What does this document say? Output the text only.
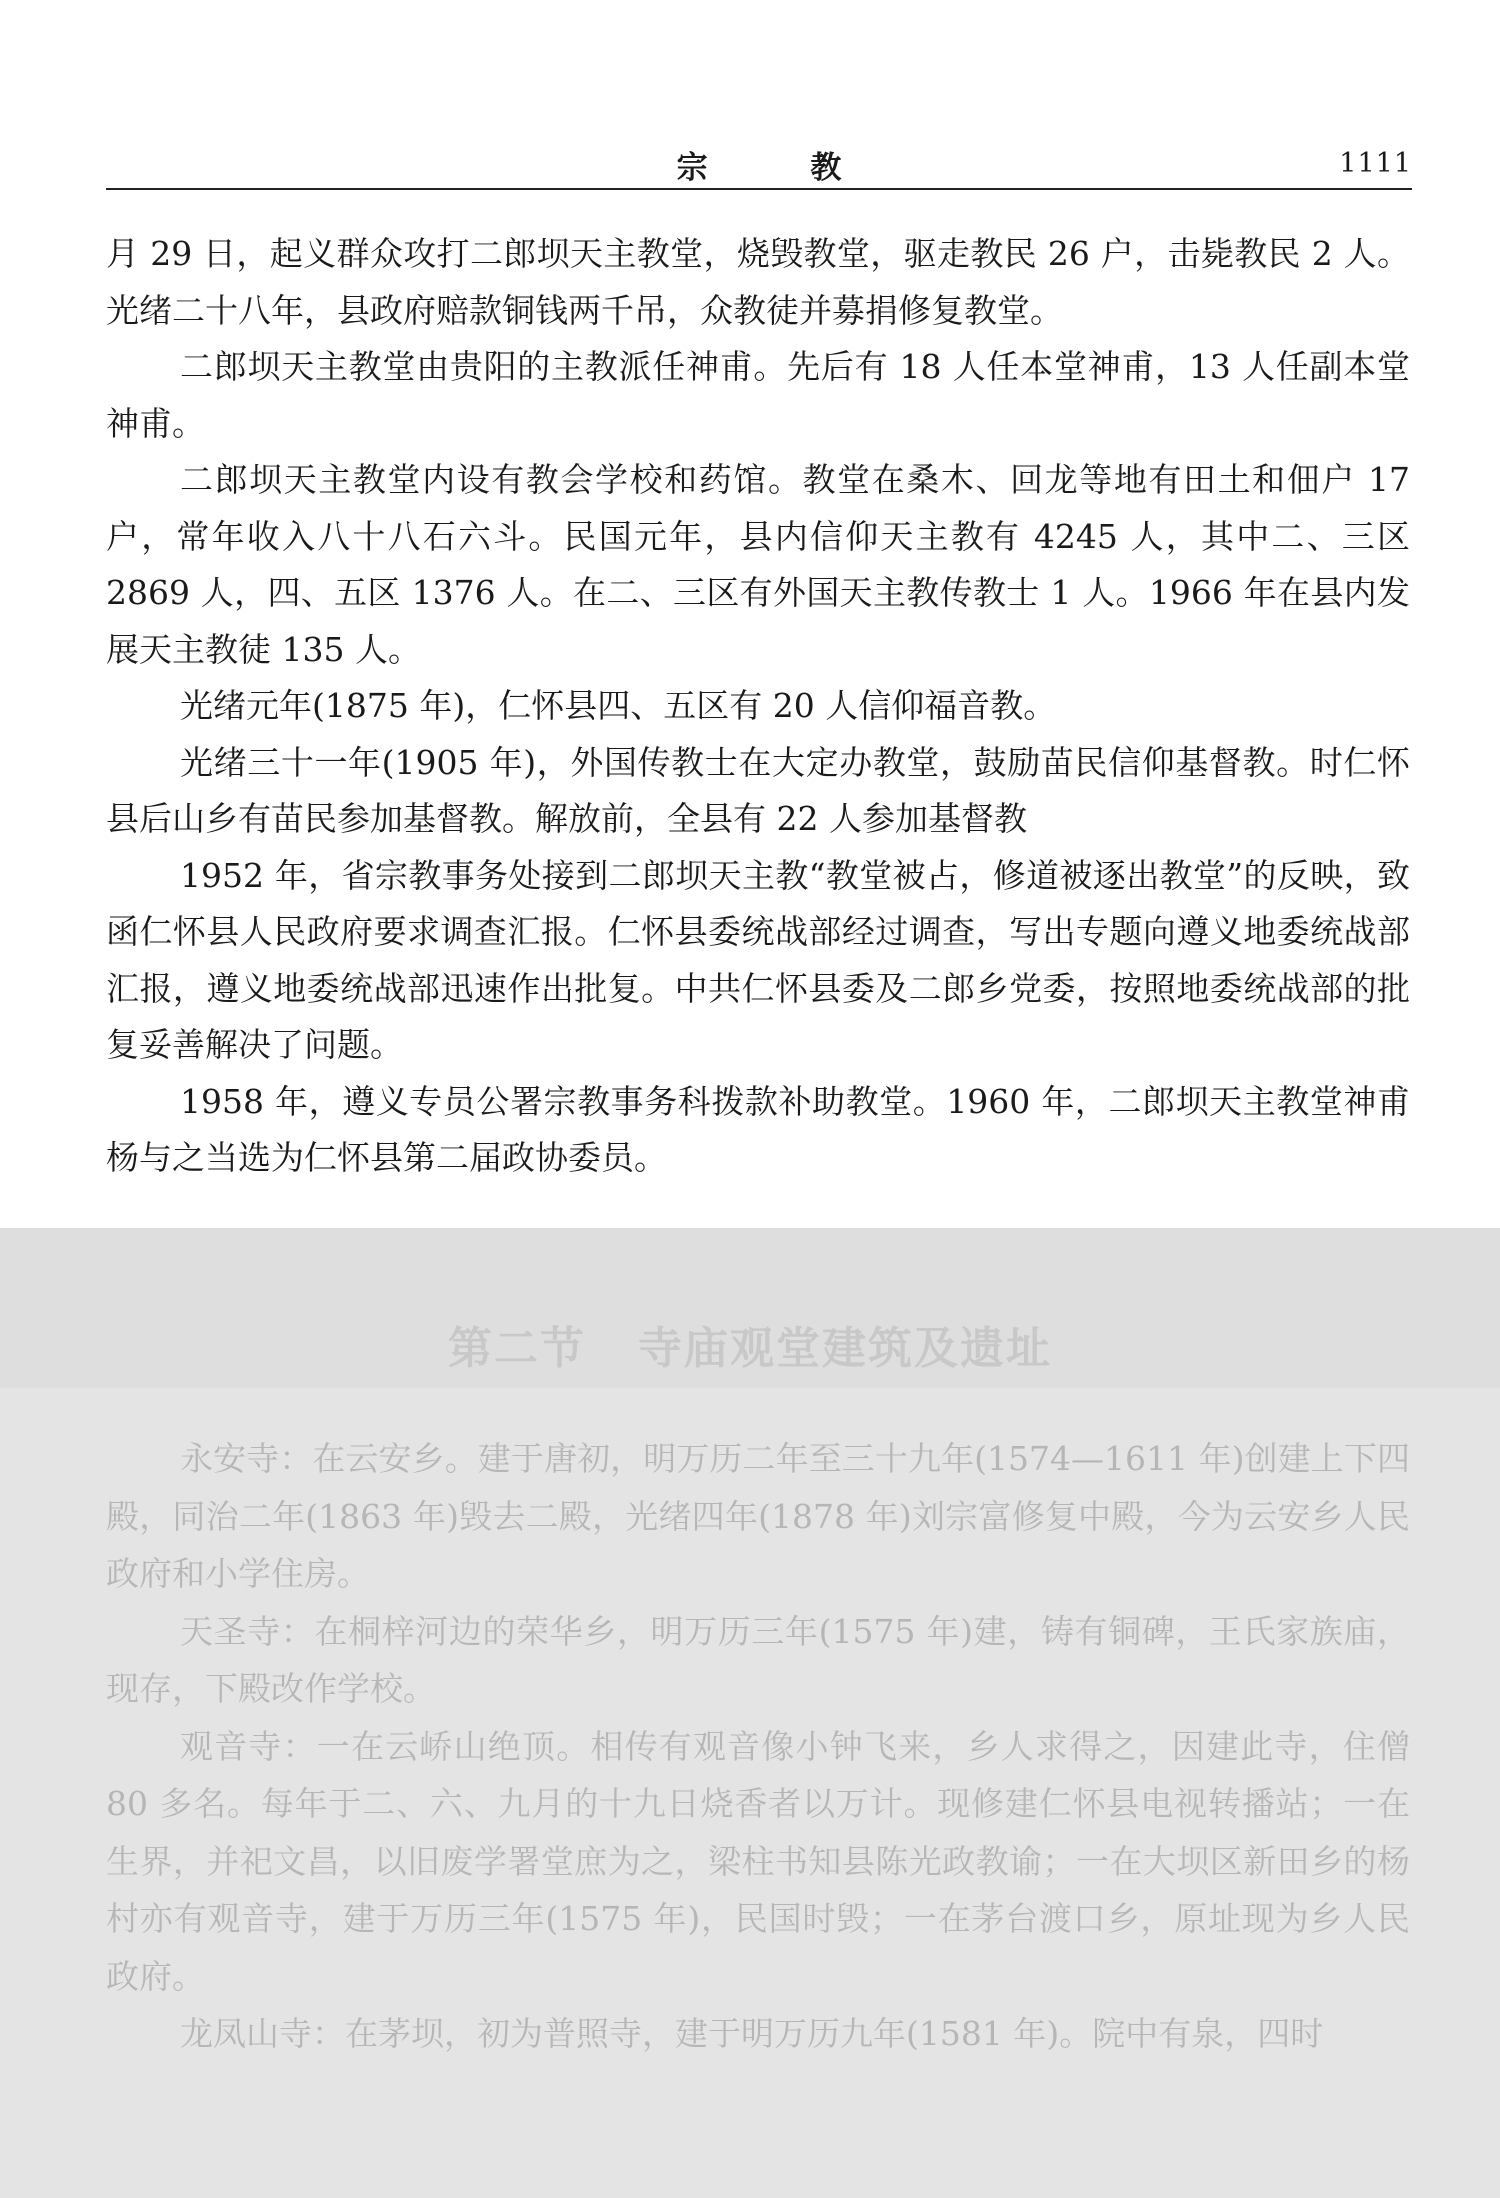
宗 教	1111

月 29 日，起义群众攻打二郎坝天主教堂，烧毁教堂，驱走教民 26 户，击毙教民 2 人。光绪二十八年，县政府赔款铜钱两千吊，众教徒并募捐修复教堂。

二郎坝天主教堂由贵阳的主教派任神甫。先后有 18 人任本堂神甫，13 人任副本堂神甫。

二郎坝天主教堂内设有教会学校和药馆。教堂在桑木、回龙等地有田土和佃户 17 户，常年收入八十八石六斗。民国元年，县内信仰天主教有 4245 人，其中二、三区 2869 人，四、五区 1376 人。在二、三区有外国天主教传教士 1 人。1966 年在县内发展天主教徒 135 人。

光绪元年(1875 年)，仁怀县四、五区有 20 人信仰福音教。

光绪三十一年(1905 年)，外国传教士在大定办教堂，鼓励苗民信仰基督教。时仁怀县后山乡有苗民参加基督教。解放前，全县有 22 人参加基督教

1952 年，省宗教事务处接到二郎坝天主教“教堂被占，修道被逐出教堂”的反映，致函仁怀县人民政府要求调查汇报。仁怀县委统战部经过调查，写出专题向遵义地委统战部汇报，遵义地委统战部迅速作出批复。中共仁怀县委及二郎乡党委，按照地委统战部的批复妥善解决了问题。

1958 年，遵义专员公署宗教事务科拨款补助教堂。1960 年，二郎坝天主教堂神甫杨与之当选为仁怀县第二届政协委员。

第二节 寺庙观堂建筑及遗址

永安寺：在云安乡。建于唐初，明万历二年至三十九年(1574—1611 年)创建上下四殿，同治二年(1863 年)毁去二殿，光绪四年(1878 年)刘宗富修复中殿，今为云安乡人民政府和小学住房。

天圣寺：在桐梓河边的荣华乡，明万历三年(1575 年)建，铸有铜碑，王氏家族庙，现存，下殿改作学校。

观音寺：一在云峤山绝顶。相传有观音像小钟飞来，乡人求得之，因建此寺，住僧 80 多名。每年于二、六、九月的十九日烧香者以万计。现修建仁怀县电视转播站；一在生界，并祀文昌，以旧废学署堂庶为之，梁柱书知县陈光政教谕；一在大坝区新田乡的杨村亦有观音寺，建于万历三年(1575 年)，民国时毁；一在茅台渡口乡，原址现为乡人民政府。

龙凤山寺：在茅坝，初为普照寺，建于明万历九年(1581 年)。院中有泉，四时
